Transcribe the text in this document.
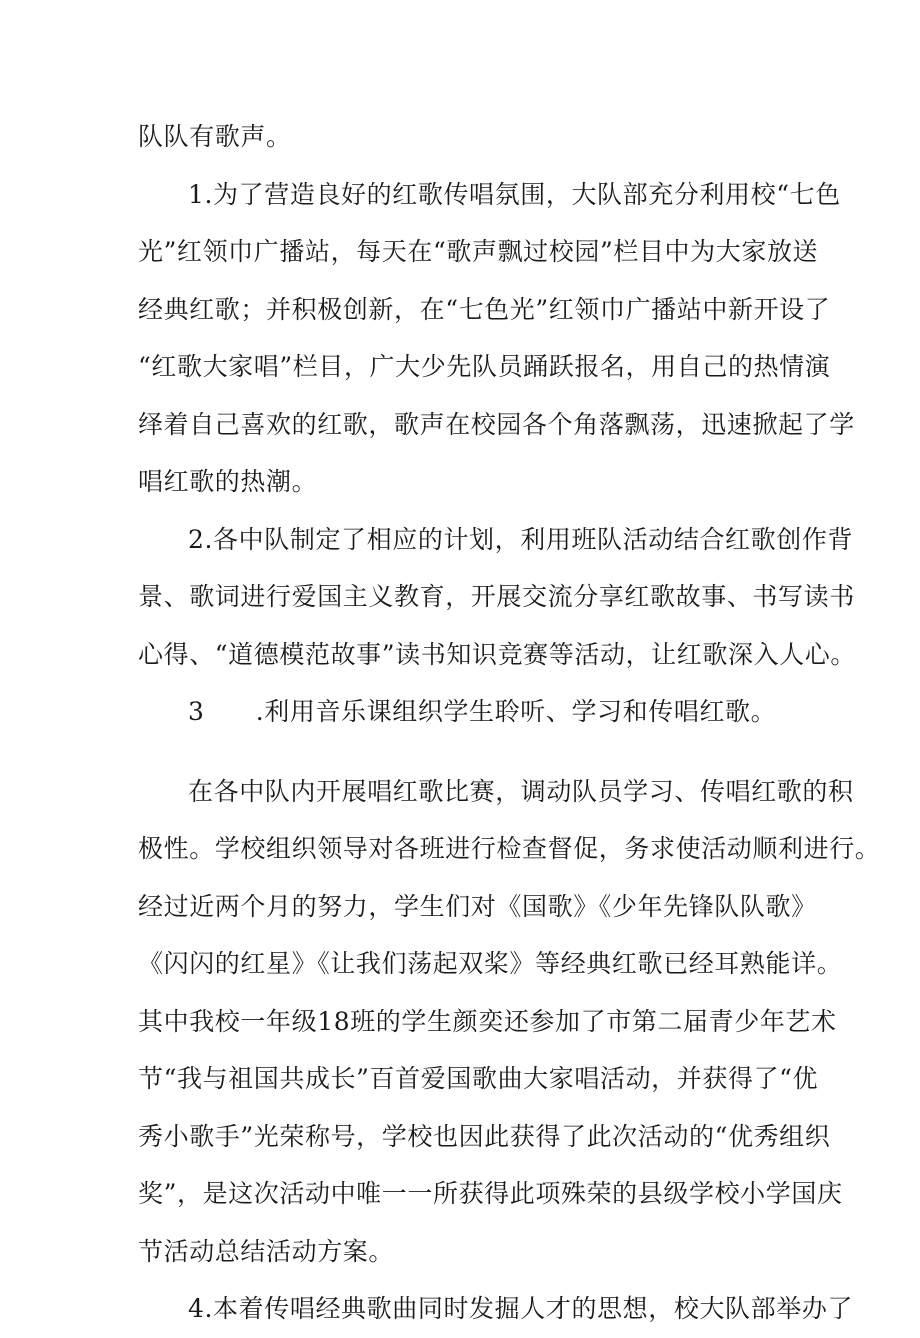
队队有歌声。
1.为了营造良好的红歌传唱氛围，大队部充分利用校“七色
光”红领巾广播站，每天在“歌声飘过校园”栏目中为大家放送
经典红歌；并积极创新，在“七色光”红领巾广播站中新开设了
“红歌大家唱”栏目，广大少先队员踊跃报名，用自己的热情演
绎着自己喜欢的红歌，歌声在校园各个角落飘荡，迅速掀起了学
唱红歌的热潮。
2.各中队制定了相应的计划，利用班队活动结合红歌创作背
景、歌词进行爱国主义教育，开展交流分享红歌故事、书写读书
心得、“道德模范故事”读书知识竞赛等活动，让红歌深入人心。
3　　.利用音乐课组织学生聆听、学习和传唱红歌。
在各中队内开展唱红歌比赛，调动队员学习、传唱红歌的积
极性。学校组织领导对各班进行检查督促，务求使活动顺利进行。
经过近两个月的努力，学生们对《国歌》《少年先锋队队歌》
《闪闪的红星》《让我们荡起双桨》等经典红歌已经耳熟能详。
其中我校一年级18班的学生颜奕还参加了市第二届青少年艺术
节“我与祖国共成长”百首爱国歌曲大家唱活动，并获得了“优
秀小歌手”光荣称号，学校也因此获得了此次活动的“优秀组织
奖”，是这次活动中唯一一所获得此项殊荣的县级学校小学国庆
节活动总结活动方案。
4.本着传唱经典歌曲同时发掘人才的思想，校大队部举办了
